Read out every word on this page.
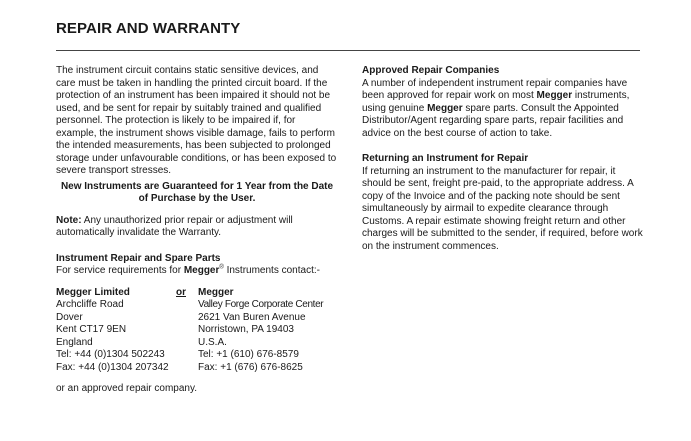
REPAIR AND WARRANTY

The instrument circuit contains static sensitive devices, and care must be taken in handling the printed circuit board. If the protection of an instrument has been impaired it should not be used, and be sent for repair by suitably trained and qualified personnel. The protection is likely to be impaired if, for example, the instrument shows visible damage, fails to perform the intended measurements, has been subjected to prolonged storage under unfavourable conditions, or has been exposed to severe transport stresses.

New Instruments are Guaranteed for 1 Year from the Date of Purchase by the User.

Note: Any unauthorized prior repair or adjustment will automatically invalidate the Warranty.

Instrument Repair and Spare Parts

For service requirements for Megger® Instruments contact:-

Megger Limited
Archcliffe Road
Dover
Kent CT17 9EN
England
Tel: +44 (0)1304 502243
Fax: +44 (0)1304 207342
or	Megger
Valley Forge Corporate Center
2621 Van Buren Avenue
Norristown, PA 19403
U.S.A.
Tel: +1 (610) 676-8579
Fax: +1 (676) 676-8625

or an approved repair company.

Approved Repair Companies

A number of independent instrument repair companies have been approved for repair work on most Megger instruments, using genuine Megger spare parts. Consult the Appointed Distributor/Agent regarding spare parts, repair facilities and advice on the best course of action to take.

Returning an Instrument for Repair

If returning an instrument to the manufacturer for repair, it should be sent, freight pre-paid, to the appropriate address. A copy of the Invoice and of the packing note should be sent simultaneously by airmail to expedite clearance through Customs. A repair estimate showing freight return and other charges will be submitted to the sender, if required, before work on the instrument commences.
